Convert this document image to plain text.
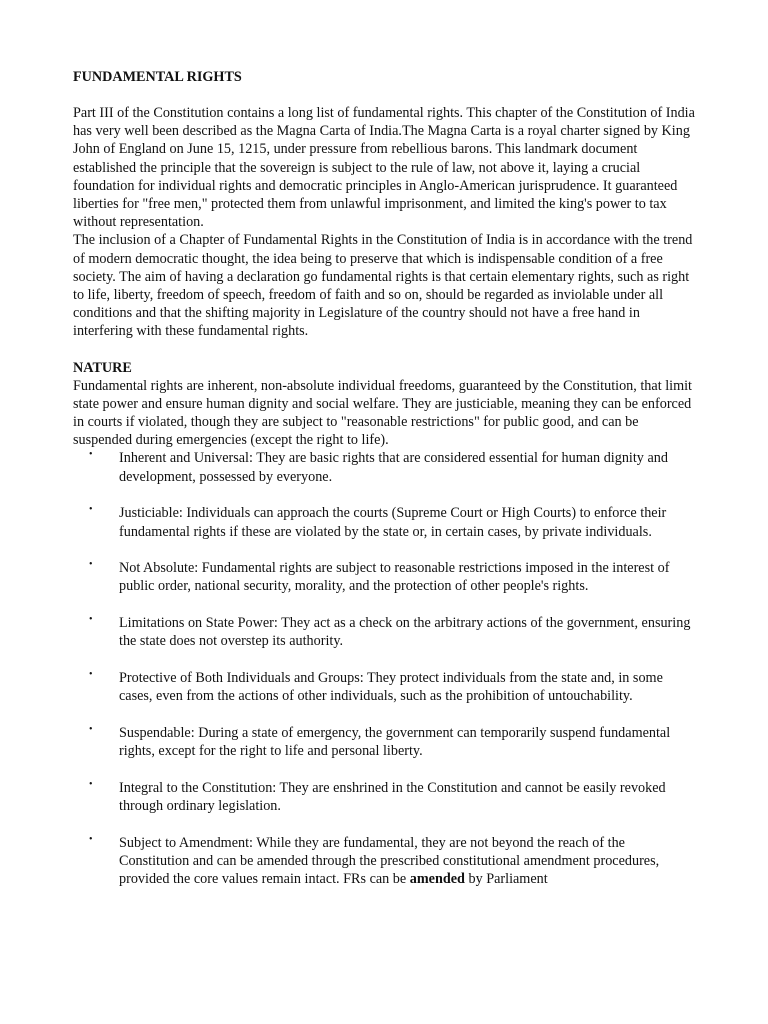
FUNDAMENTAL RIGHTS

Part III of the Constitution contains a long list of fundamental rights. This chapter of the Constitution of India has very well been described as the Magna Carta of India.The Magna Carta is a royal charter signed by King John of England on June 15, 1215, under pressure from rebellious barons. This landmark document established the principle that the sovereign is subject to the rule of law, not above it, laying a crucial foundation for individual rights and democratic principles in Anglo-American jurisprudence. It guaranteed liberties for "free men," protected them from unlawful imprisonment, and limited the king's power to tax without representation.

The inclusion of a Chapter of Fundamental Rights in the Constitution of India is in accordance with the trend of modern democratic thought, the idea being to preserve that which is indispensable condition of a free society. The aim of having a declaration go fundamental rights is that certain elementary rights, such as right to life, liberty, freedom of speech, freedom of faith and so on, should be regarded as inviolable under all conditions and that the shifting majority in Legislature of the country should not have a free hand in interfering with these fundamental rights.

NATURE

Fundamental rights are inherent, non-absolute individual freedoms, guaranteed by the Constitution, that limit state power and ensure human dignity and social welfare. They are justiciable, meaning they can be enforced in courts if violated, though they are subject to "reasonable restrictions" for public good, and can be suspended during emergencies (except the right to life).

• Inherent and Universal: They are basic rights that are considered essential for human dignity and development, possessed by everyone.
• Justiciable: Individuals can approach the courts (Supreme Court or High Courts) to enforce their fundamental rights if these are violated by the state or, in certain cases, by private individuals.
• Not Absolute: Fundamental rights are subject to reasonable restrictions imposed in the interest of public order, national security, morality, and the protection of other people's rights.
• Limitations on State Power: They act as a check on the arbitrary actions of the government, ensuring the state does not overstep its authority.
• Protective of Both Individuals and Groups: They protect individuals from the state and, in some cases, even from the actions of other individuals, such as the prohibition of untouchability.
• Suspendable: During a state of emergency, the government can temporarily suspend fundamental rights, except for the right to life and personal liberty.
• Integral to the Constitution: They are enshrined in the Constitution and cannot be easily revoked through ordinary legislation.
• Subject to Amendment: While they are fundamental, they are not beyond the reach of the Constitution and can be amended through the prescribed constitutional amendment procedures, provided the core values remain intact. FRs can be amended by Parliament
